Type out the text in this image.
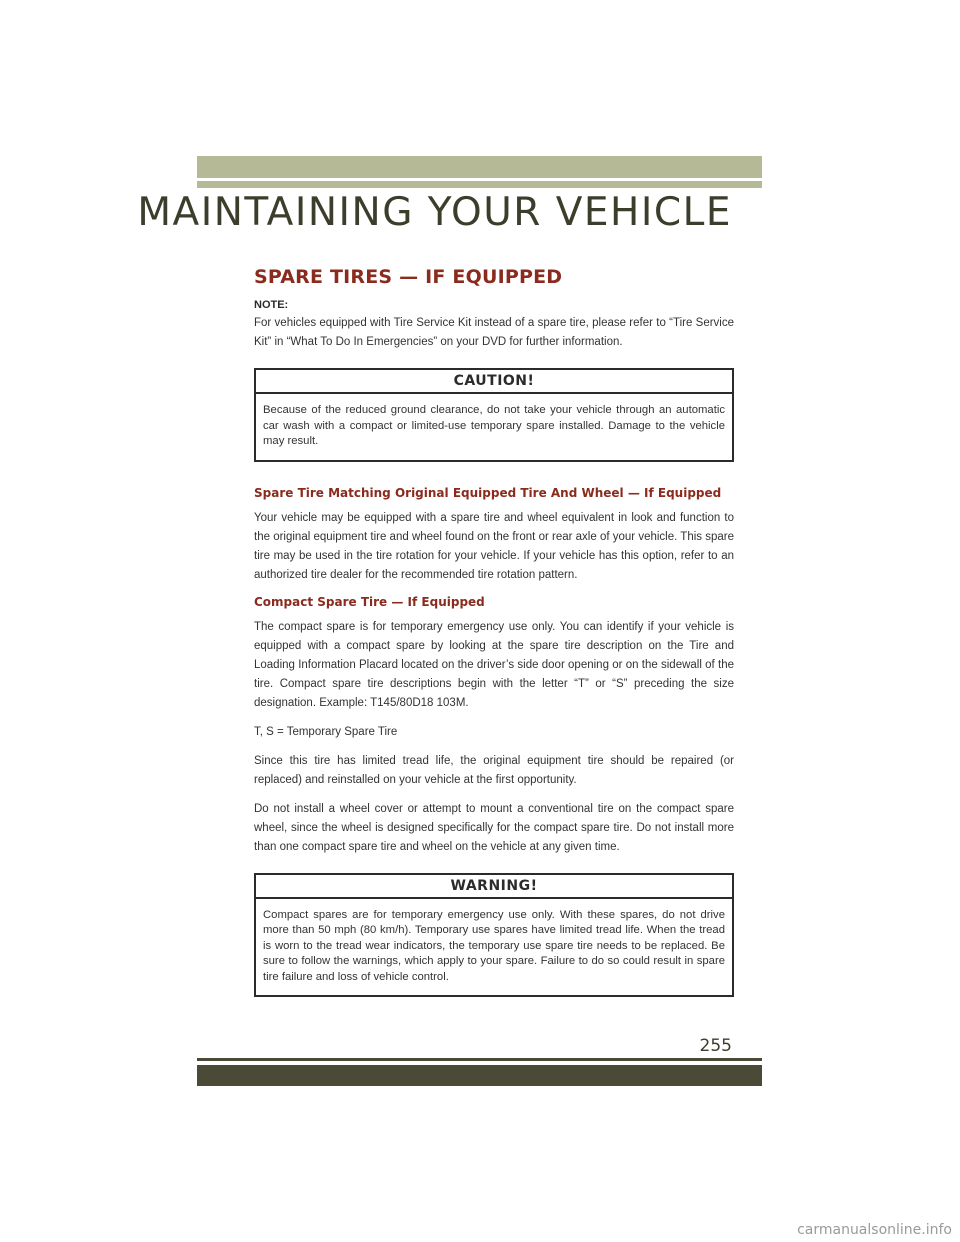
MAINTAINING YOUR VEHICLE
SPARE TIRES — IF EQUIPPED
NOTE:

For vehicles equipped with Tire Service Kit instead of a spare tire, please refer to “Tire Service Kit” in “What To Do In Emergencies” on your DVD for further information.

CAUTION!
Because of the reduced ground clearance, do not take your vehicle through an automatic car wash with a compact or limited-use temporary spare installed. Damage to the vehicle may result.
Spare Tire Matching Original Equipped Tire And Wheel — If Equipped

Your vehicle may be equipped with a spare tire and wheel equivalent in look and function to the original equipment tire and wheel found on the front or rear axle of your vehicle. This spare tire may be used in the tire rotation for your vehicle. If your vehicle has this option, refer to an authorized tire dealer for the recommended tire rotation pattern.

Compact Spare Tire — If Equipped

The compact spare is for temporary emergency use only. You can identify if your vehicle is equipped with a compact spare by looking at the spare tire description on the Tire and Loading Information Placard located on the driver’s side door opening or on the sidewall of the tire. Compact spare tire descriptions begin with the letter “T” or “S” preceding the size designation. Example: T145/80D18 103M.

T, S = Temporary Spare Tire

Since this tire has limited tread life, the original equipment tire should be repaired (or replaced) and reinstalled on your vehicle at the first opportunity.

Do not install a wheel cover or attempt to mount a conventional tire on the compact spare wheel, since the wheel is designed specifically for the compact spare tire. Do not install more than one compact spare tire and wheel on the vehicle at any given time.

WARNING!
Compact spares are for temporary emergency use only. With these spares, do not drive more than 50 mph (80 km/h). Temporary use spares have limited tread life. When the tread is worn to the tread wear indicators, the temporary use spare tire needs to be replaced. Be sure to follow the warnings, which apply to your spare. Failure to do so could result in spare tire failure and loss of vehicle control.
255
carmanualsonline.info
